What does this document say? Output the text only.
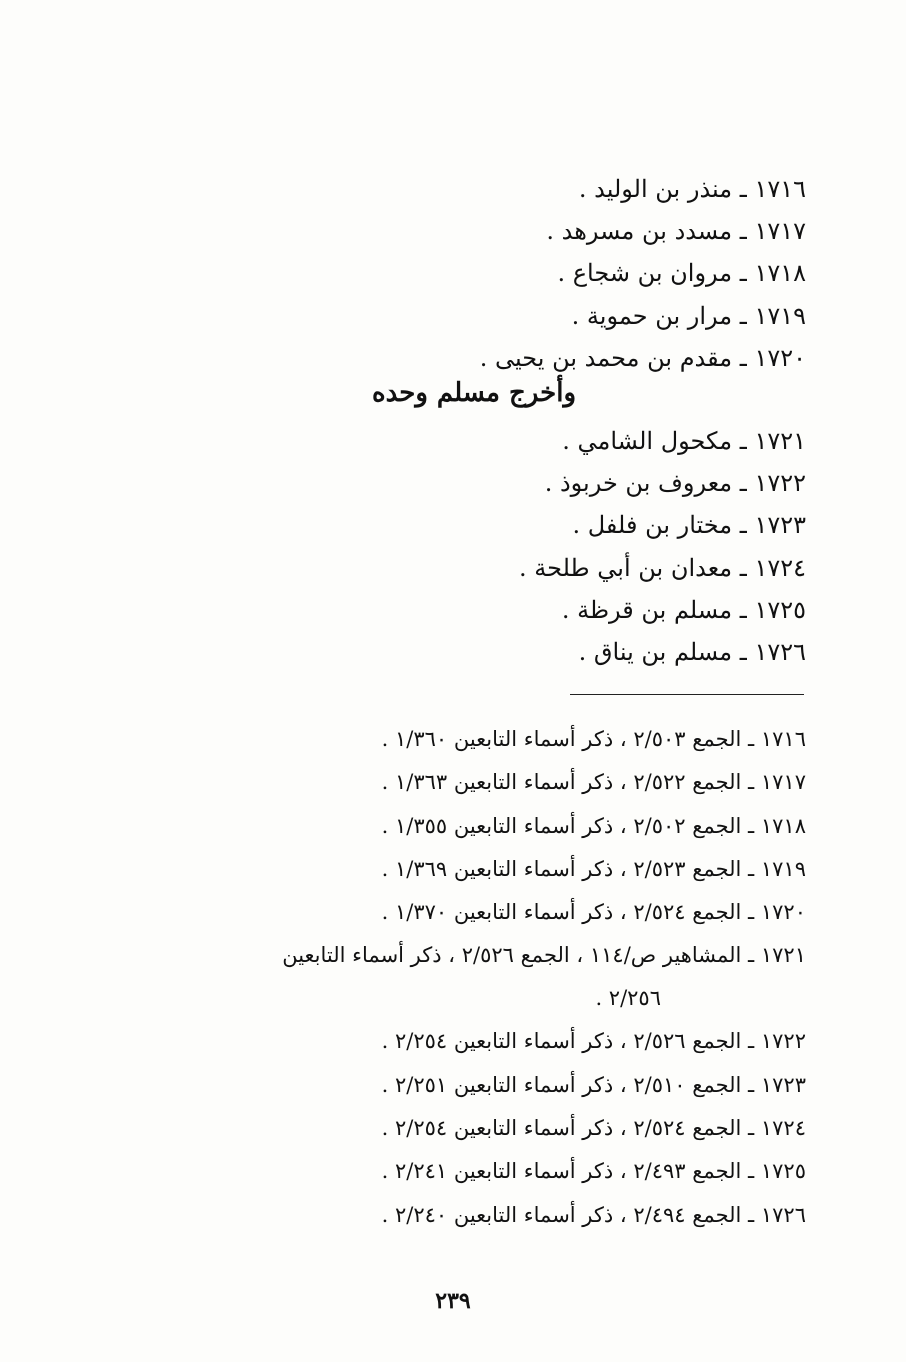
١٧١٦ ـ منذر بن الوليد .
١٧١٧ ـ مسدد بن مسرهد .
١٧١٨ ـ مروان بن شجاع .
١٧١٩ ـ مرار بن حموية .
١٧٢٠ ـ مقدم بن محمد بن يحيى .
وأخرج مسلم وحده
١٧٢١ ـ مكحول الشامي .
١٧٢٢ ـ معروف بن خربوذ .
١٧٢٣ ـ مختار بن فلفل .
١٧٢٤ ـ معدان بن أبي طلحة .
١٧٢٥ ـ مسلم بن قرظة .
١٧٢٦ ـ مسلم بن يناق .
١٧١٦ ـ الجمع ٢/٥٠٣ ، ذكر أسماء التابعين ١/٣٦٠ .
١٧١٧ ـ الجمع ٢/٥٢٢ ، ذكر أسماء التابعين ١/٣٦٣ .
١٧١٨ ـ الجمع ٢/٥٠٢ ، ذكر أسماء التابعين ١/٣٥٥ .
١٧١٩ ـ الجمع ٢/٥٢٣ ، ذكر أسماء التابعين ١/٣٦٩ .
١٧٢٠ ـ الجمع ٢/٥٢٤ ، ذكر أسماء التابعين ١/٣٧٠ .
١٧٢١ ـ المشاهير ص/١١٤ ، الجمع ٢/٥٢٦ ، ذكر أسماء التابعين
٢/٢٥٦ .
١٧٢٢ ـ الجمع ٢/٥٢٦ ، ذكر أسماء التابعين ٢/٢٥٤ .
١٧٢٣ ـ الجمع ٢/٥١٠ ، ذكر أسماء التابعين ٢/٢٥١ .
١٧٢٤ ـ الجمع ٢/٥٢٤ ، ذكر أسماء التابعين ٢/٢٥٤ .
١٧٢٥ ـ الجمع ٢/٤٩٣ ، ذكر أسماء التابعين ٢/٢٤١ .
١٧٢٦ ـ الجمع ٢/٤٩٤ ، ذكر أسماء التابعين ٢/٢٤٠ .
٢٣٩
